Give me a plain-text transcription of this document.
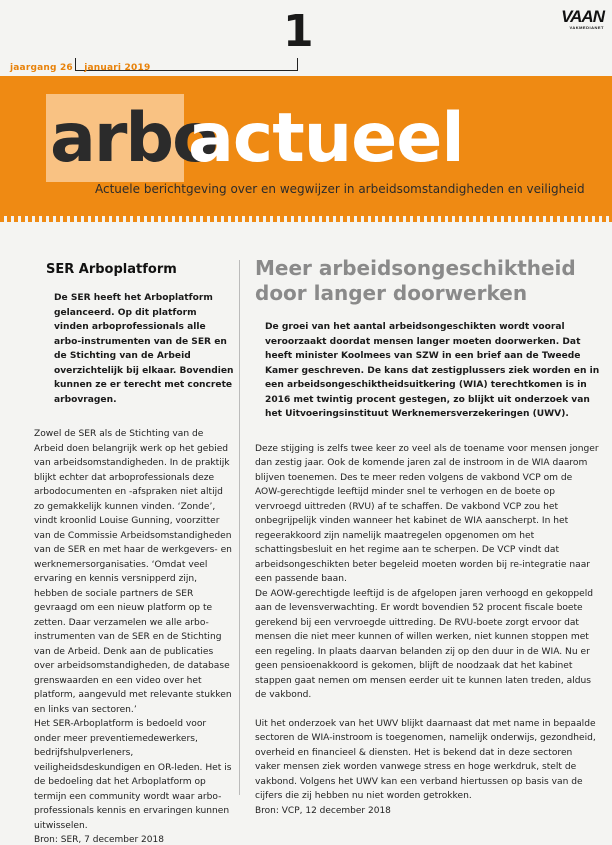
1
jaargang 26 januari 2019
VAAN
VAKMEDIANET
arbo
actueel
Actuele berichtgeving over en wegwijzer in arbeidsomstandigheden en veiligheid
SER Arboplatform

De SER heeft het Arboplatform gelanceerd. Op dit platform vinden arboprofessionals alle arbo-instrumenten van de SER en de Stichting van de Arbeid overzichtelijk bij elkaar. Bovendien kunnen ze er terecht met concrete arbovragen.

Zowel de SER als de Stichting van de Arbeid doen belangrijk werk op het gebied van arbeidsomstandigheden. In de praktijk blijkt echter dat arboprofessionals deze arbodocumenten en -afspraken niet altijd zo gemakkelijk kunnen vinden. ‘Zonde’, vindt kroonlid Louise Gunning, voorzitter van de Commissie Arbeidsomstandigheden van de SER en met haar de werkgevers- en werknemersorganisaties. ‘Omdat veel ervaring en kennis versnipperd zijn, hebben de sociale partners de SER gevraagd om een nieuw platform op te zetten. Daar verzamelen we alle arbo-instrumenten van de SER en de Stichting van de Arbeid. Denk aan de publicaties over arbeidsomstandigheden, de database grenswaarden en een video over het platform, aangevuld met relevante stukken en links van sectoren.’

Het SER-Arboplatform is bedoeld voor onder meer preventiemedewerkers, bedrijfshulpverleners, veiligheidsdeskundigen en OR-leden. Het is de bedoeling dat het Arboplatform op termijn een community wordt waar arbo-professionals kennis en ervaringen kunnen uitwisselen.

Bron: SER, 7 december 2018
Meer arbeidsongeschiktheid door langer doorwerken

De groei van het aantal arbeidsongeschikten wordt vooral veroorzaakt doordat mensen langer moeten doorwerken. Dat heeft minister Koolmees van SZW in een brief aan de Tweede Kamer geschreven. De kans dat zestigplussers ziek worden en in een arbeidsongeschiktheidsuitkering (WIA) terechtkomen is in 2016 met twintig procent gestegen, zo blijkt uit onderzoek van het Uitvoeringsinstituut Werknemersverzekeringen (UWV).

Deze stijging is zelfs twee keer zo veel als de toename voor mensen jonger dan zestig jaar. Ook de komende jaren zal de instroom in de WIA daarom blijven toenemen. Des te meer reden volgens de vakbond VCP om de AOW-gerechtigde leeftijd minder snel te verhogen en de boete op vervroegd uittreden (RVU) af te schaffen. De vakbond VCP zou het onbegrijpelijk vinden wanneer het kabinet de WIA aanscherpt. In het regeerakkoord zijn namelijk maatregelen opgenomen om het schattingsbesluit en het regime aan te scherpen. De VCP vindt dat arbeidsongeschikten beter begeleid moeten worden bij re-integratie naar een passende baan.

De AOW-gerechtigde leeftijd is de afgelopen jaren verhoogd en gekoppeld aan de levensverwachting. Er wordt bovendien 52 procent fiscale boete gerekend bij een vervroegde uittreding. De RVU-boete zorgt ervoor dat mensen die niet meer kunnen of willen werken, niet kunnen stoppen met een regeling. In plaats daarvan belanden zij op den duur in de WIA. Nu er geen pensioenakkoord is gekomen, blijft de noodzaak dat het kabinet stappen gaat nemen om mensen eerder uit te kunnen laten treden, aldus de vakbond.

Uit het onderzoek van het UWV blijkt daarnaast dat met name in bepaalde sectoren de WIA-instroom is toegenomen, namelijk onderwijs, gezondheid, overheid en financieel & diensten. Het is bekend dat in deze sectoren vaker mensen ziek worden vanwege stress en hoge werkdruk, stelt de vakbond. Volgens het UWV kan een verband hiertussen op basis van de cijfers die zij hebben nu niet worden getrokken.

Bron: VCP, 12 december 2018
